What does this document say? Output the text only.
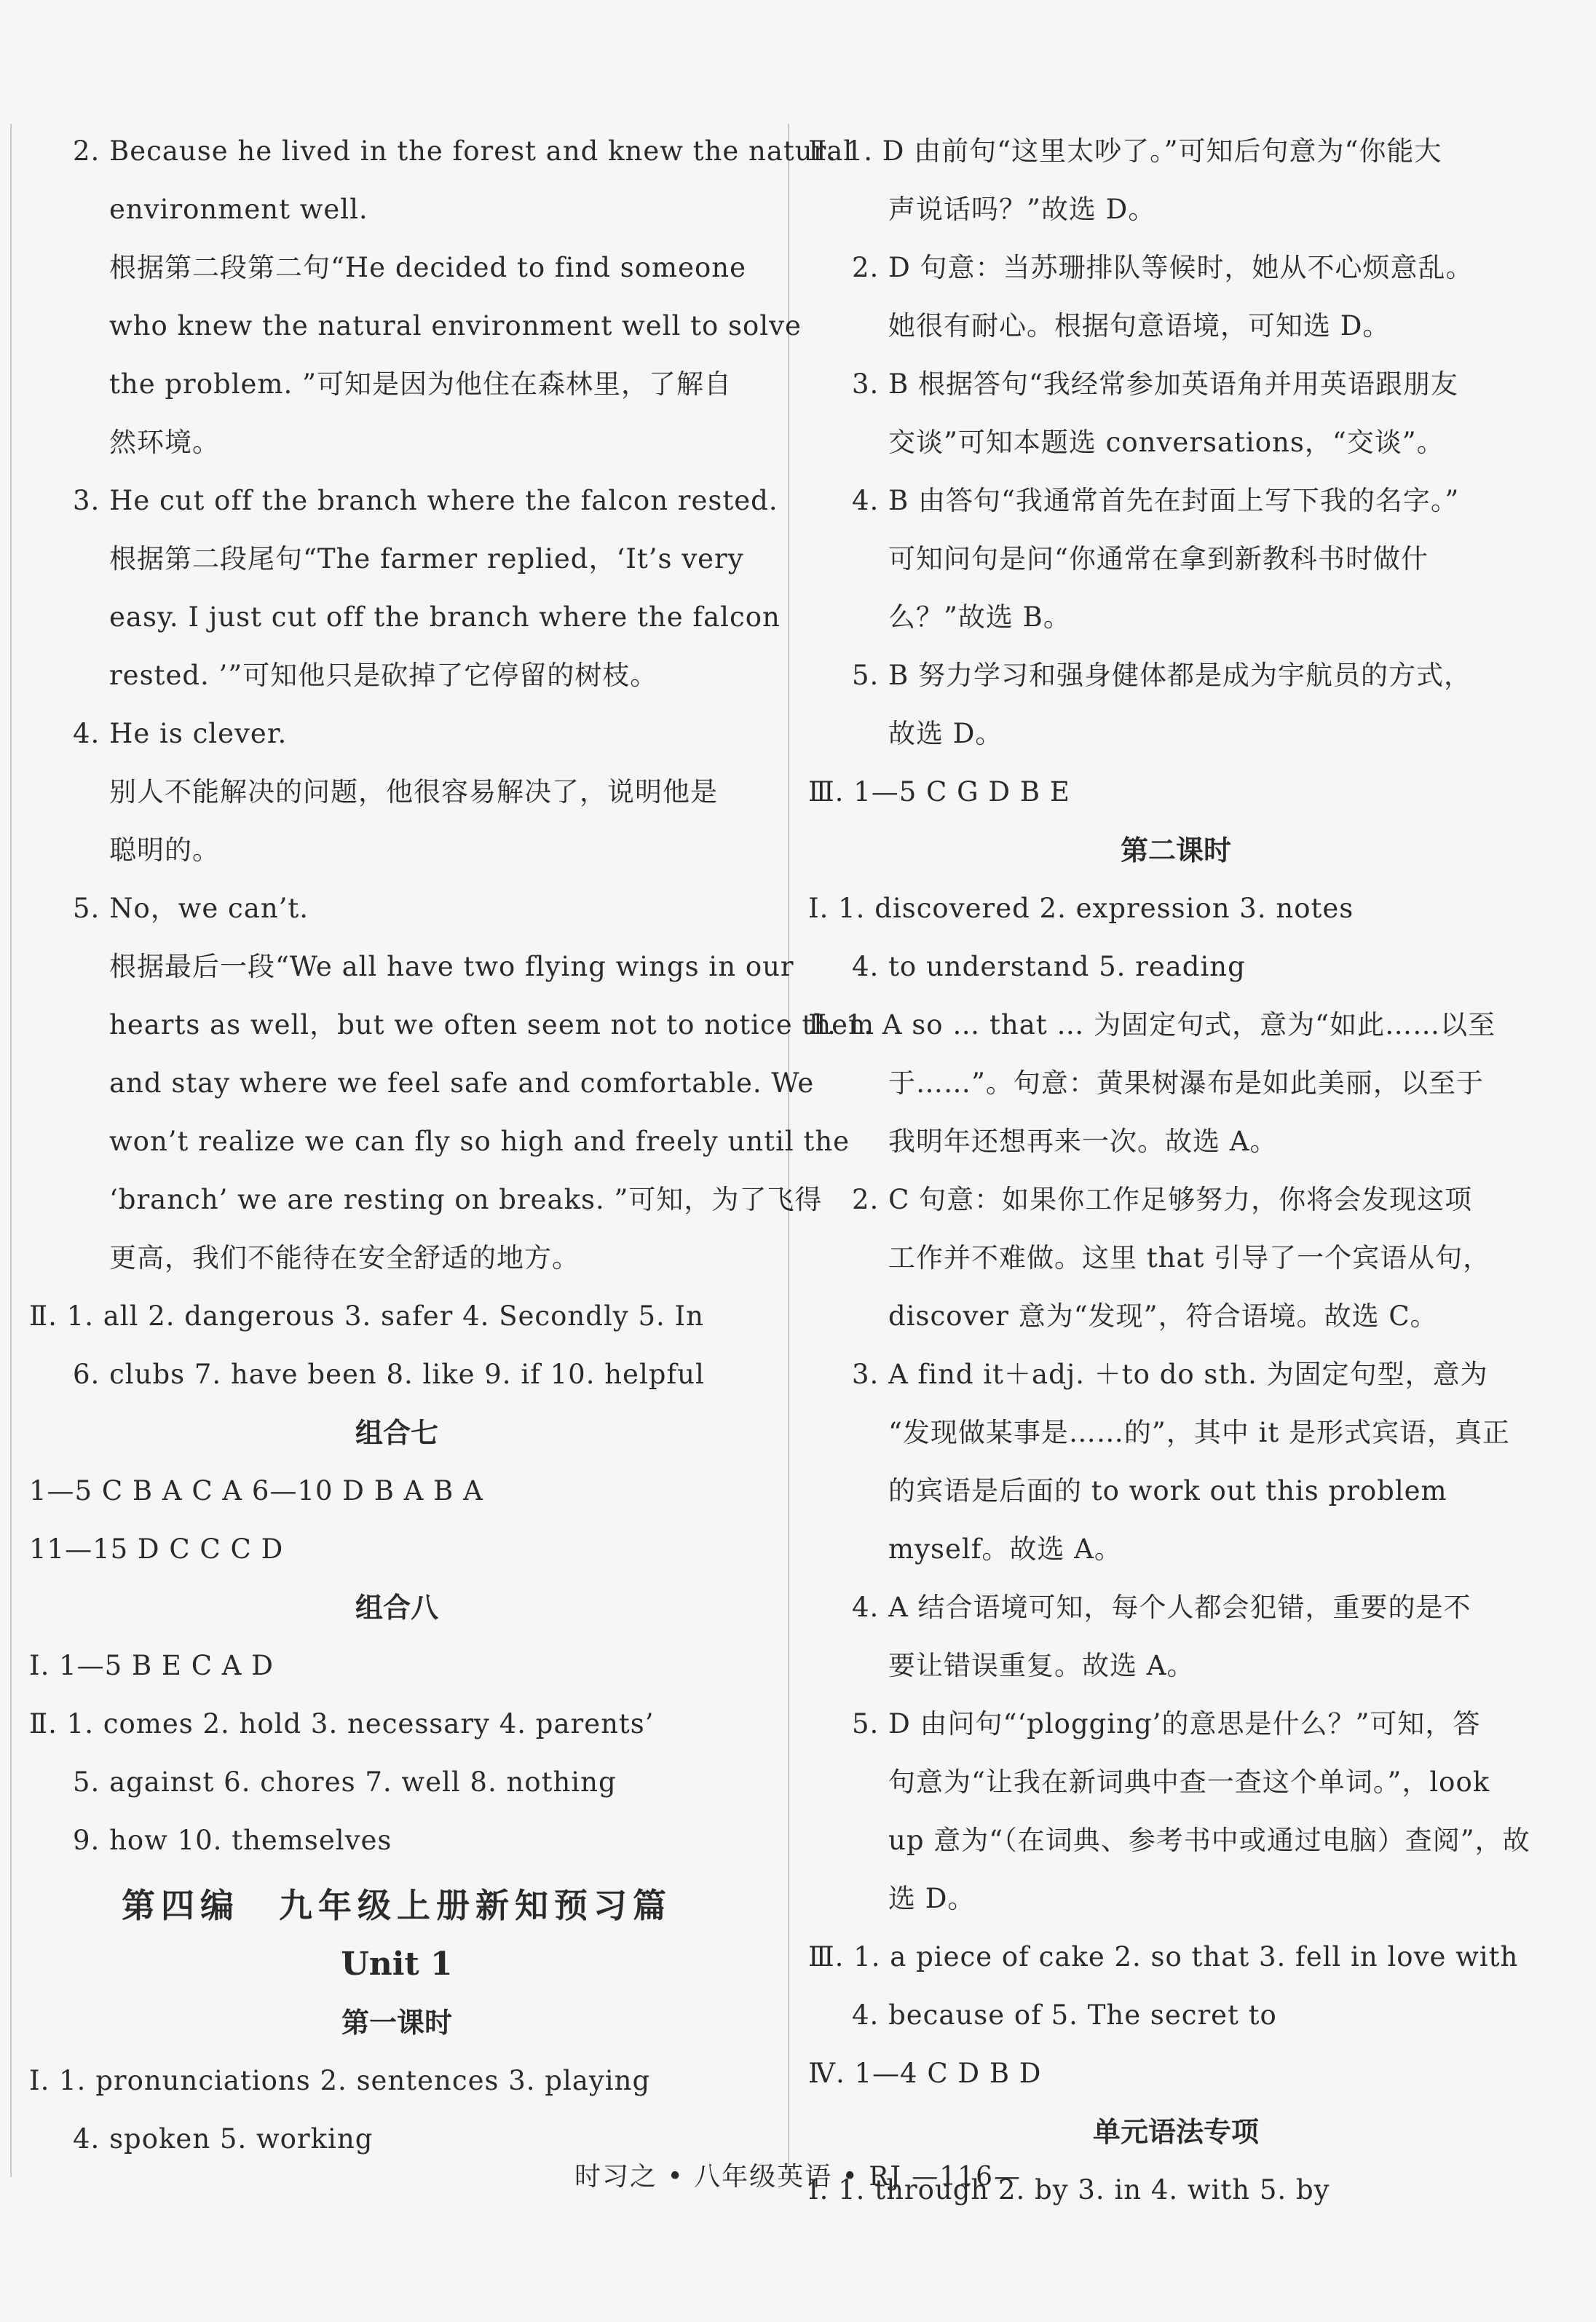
2. Because he lived in the forest and knew the natural
environment well.
根据第二段第二句“He decided to find someone
who knew the natural environment well to solve
the problem. ”可知是因为他住在森林里，了解自
然环境。
3. He cut off the branch where the falcon rested.
根据第二段尾句“The farmer replied，‘It’s very
easy. I just cut off the branch where the falcon
rested. ’”可知他只是砍掉了它停留的树枝。
4. He is clever.
别人不能解决的问题，他很容易解决了，说明他是
聪明的。
5. No，we can’t.
根据最后一段“We all have two flying wings in our
hearts as well，but we often seem not to notice them
and stay where we feel safe and comfortable. We
won’t realize we can fly so high and freely until the
‘branch’ we are resting on breaks. ”可知，为了飞得
更高，我们不能待在安全舒适的地方。
Ⅱ. 1. all 2. dangerous 3. safer 4. Secondly 5. In
6. clubs 7. have been 8. like 9. if 10. helpful
组合七
1—5 C B A C A 6—10 D B A B A
11—15 D C C C D
组合八
Ⅰ. 1—5 B E C A D
Ⅱ. 1. comes 2. hold 3. necessary 4. parents’
5. against 6. chores 7. well 8. nothing
9. how 10. themselves
第四编　九年级上册新知预习篇
Unit 1
第一课时
Ⅰ. 1. pronunciations 2. sentences 3. playing
4. spoken 5. working
Ⅱ. 1. D 由前句“这里太吵了。”可知后句意为“你能大
声说话吗？”故选 D。
2. D 句意：当苏珊排队等候时，她从不心烦意乱。
她很有耐心。根据句意语境，可知选 D。
3. B 根据答句“我经常参加英语角并用英语跟朋友
交谈”可知本题选 conversations，“交谈”。
4. B 由答句“我通常首先在封面上写下我的名字。”
可知问句是问“你通常在拿到新教科书时做什
么？”故选 B。
5. B 努力学习和强身健体都是成为宇航员的方式，
故选 D。
Ⅲ. 1—5 C G D B E
第二课时
Ⅰ. 1. discovered 2. expression 3. notes
4. to understand 5. reading
Ⅱ. 1. A so … that … 为固定句式，意为“如此……以至
于……”。句意：黄果树瀑布是如此美丽，以至于
我明年还想再来一次。故选 A。
2. C 句意：如果你工作足够努力，你将会发现这项
工作并不难做。这里 that 引导了一个宾语从句，
discover 意为“发现”，符合语境。故选 C。
3. A find it＋adj. ＋to do sth. 为固定句型，意为
“发现做某事是……的”，其中 it 是形式宾语，真正
的宾语是后面的 to work out this problem
myself。故选 A。
4. A 结合语境可知，每个人都会犯错，重要的是不
要让错误重复。故选 A。
5. D 由问句“‘plogging’的意思是什么？”可知，答
句意为“让我在新词典中查一查这个单词。”，look
up 意为“（在词典、参考书中或通过电脑）查阅”，故
选 D。
Ⅲ. 1. a piece of cake 2. so that 3. fell in love with
4. because of 5. The secret to
Ⅳ. 1—4 C D B D
单元语法专项
Ⅰ. 1. through 2. by 3. in 4. with 5. by
时习之 • 八年级英语 • RJ —116—
